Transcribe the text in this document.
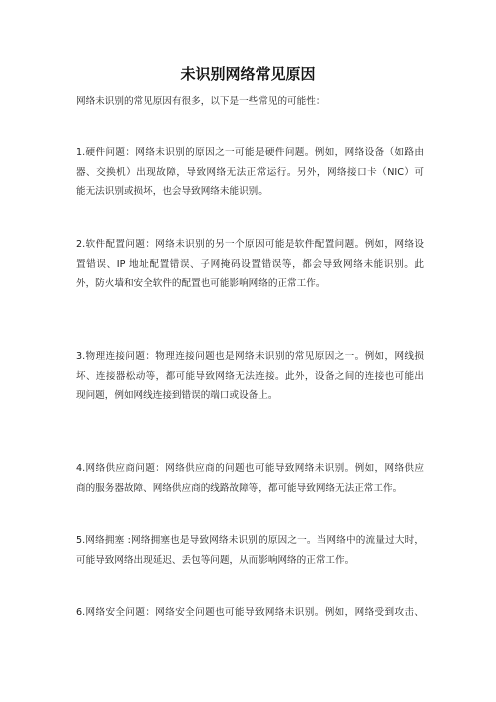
未识别网络常见原因

网络未识别的常见原因有很多，以下是一些常见的可能性：

1.硬件问题：网络未识别的原因之一可能是硬件问题。例如，网络设备（如路由
器、交换机）出现故障，导致网络无法正常运行。另外，网络接口卡（NIC）可
能无法识别或损坏，也会导致网络未能识别。
2.软件配置问题：网络未识别的另一个原因可能是软件配置问题。例如，网络设
置错误、IP 地址配置错误、子网掩码设置错误等，都会导致网络未能识别。此
外，防火墙和安全软件的配置也可能影响网络的正常工作。
3.物理连接问题：物理连接问题也是网络未识别的常见原因之一。例如，网线损
坏、连接器松动等，都可能导致网络无法连接。此外，设备之间的连接也可能出
现问题，例如网线连接到错误的端口或设备上。
4.网络供应商问题：网络供应商的问题也可能导致网络未识别。例如，网络供应
商的服务器故障、网络供应商的线路故障等，都可能导致网络无法正常工作。
5.网络拥塞 :网络拥塞也是导致网络未识别的原因之一。当网络中的流量过大时，
可能导致网络出现延迟、丢包等问题，从而影响网络的正常工作。
6.网络安全问题：网络安全问题也可能导致网络未识别。例如，网络受到攻击、
